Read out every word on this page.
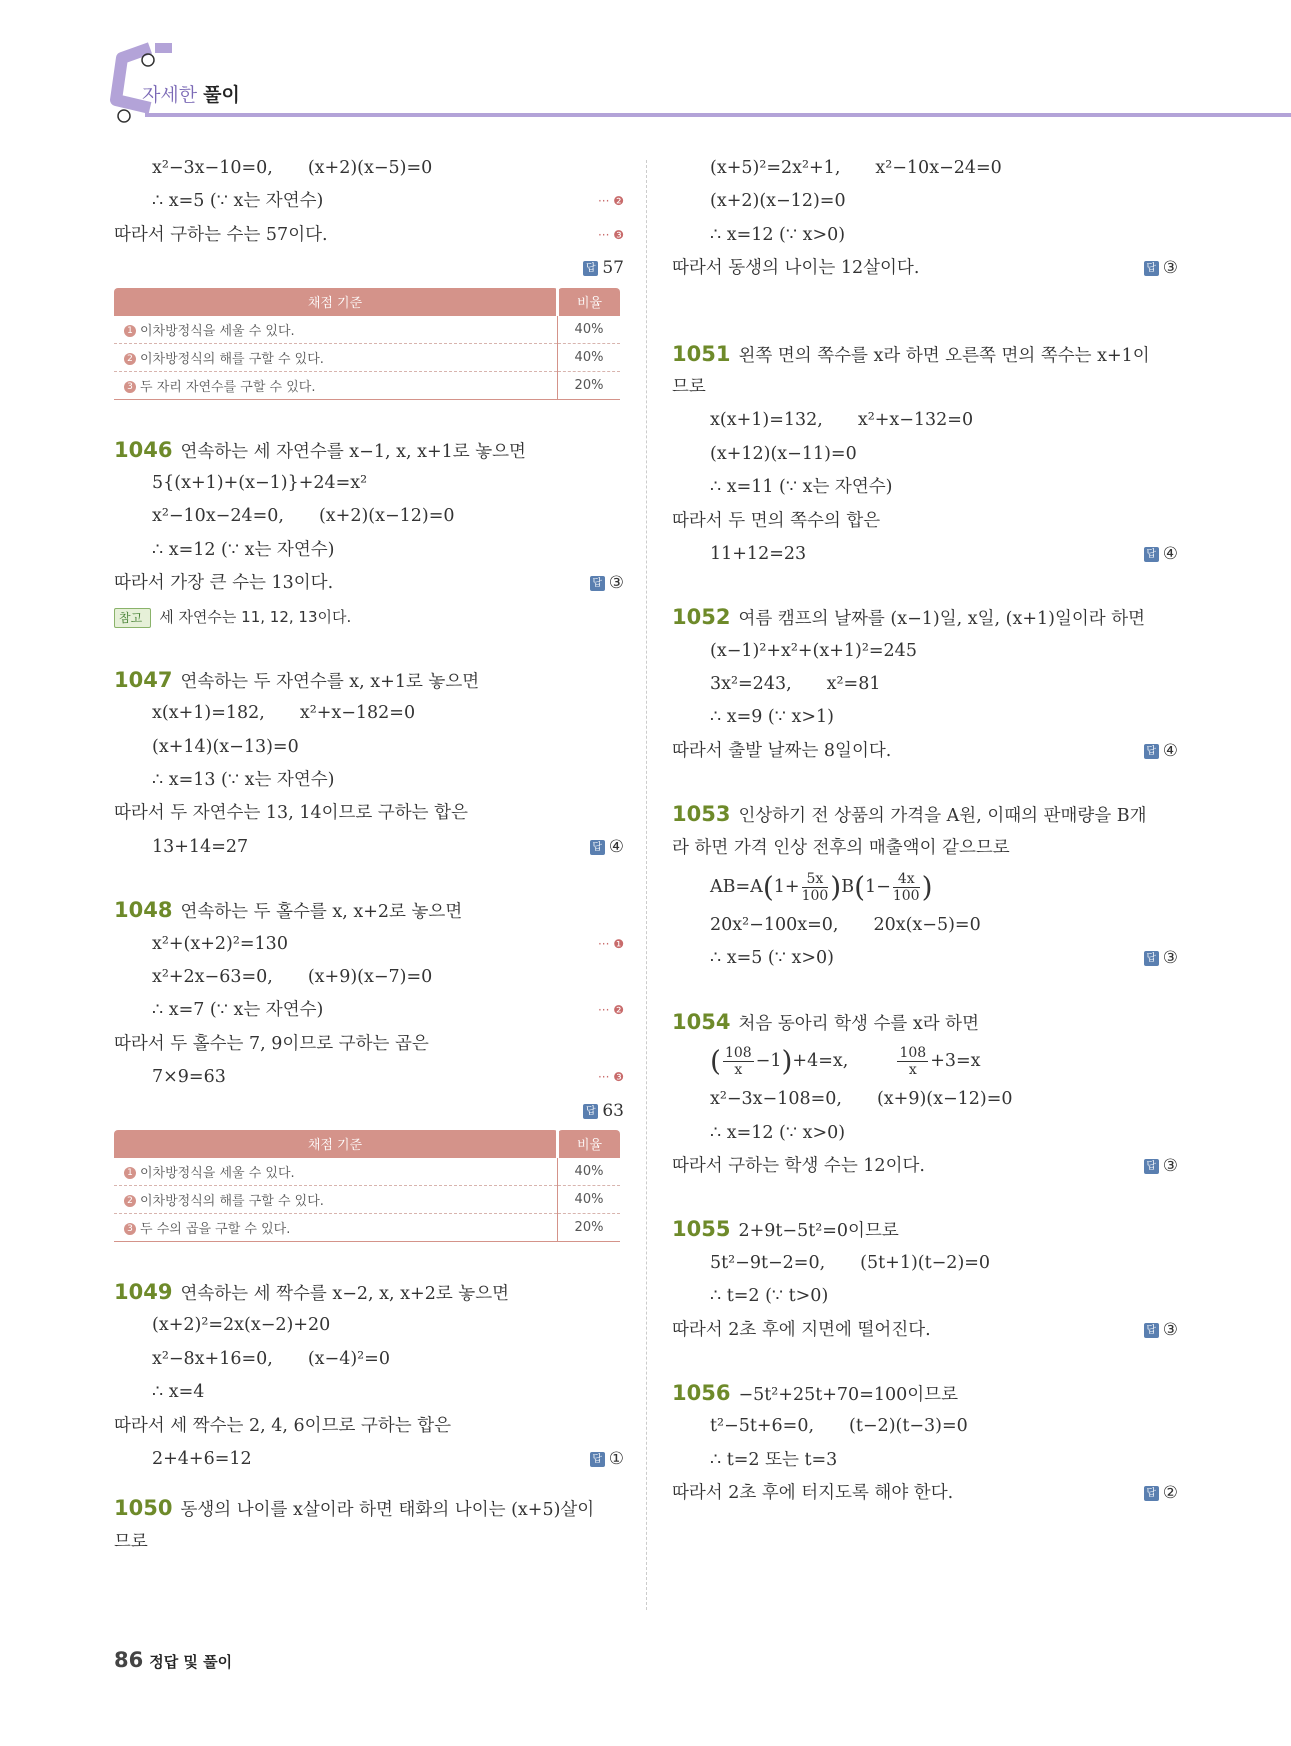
자세한 풀이
x²−3x−10=0,　　(x+2)(x−5)=0
∴ x=5 (∵ x는 자연수)	··· ❷
따라서 구하는 수는 57이다.	··· ❸
답 57
채점 기준	비율
1 이차방정식을 세울 수 있다.	40%
2 이차방정식의 해를 구할 수 있다.	40%
3 두 자리 자연수를 구할 수 있다.	20%
1046 연속하는 세 자연수를 x−1, x, x+1로 놓으면
5{(x+1)+(x−1)}+24=x²
x²−10x−24=0,　　(x+2)(x−12)=0
∴ x=12 (∵ x는 자연수)
따라서 가장 큰 수는 13이다.	답 ③
참고 세 자연수는 11, 12, 13이다.
1047 연속하는 두 자연수를 x, x+1로 놓으면
x(x+1)=182,　　x²+x−182=0
(x+14)(x−13)=0
∴ x=13 (∵ x는 자연수)
따라서 두 자연수는 13, 14이므로 구하는 합은
13+14=27	답 ④
1048 연속하는 두 홀수를 x, x+2로 놓으면
x²+(x+2)²=130	··· ❶
x²+2x−63=0,　　(x+9)(x−7)=0
∴ x=7 (∵ x는 자연수)	··· ❷
따라서 두 홀수는 7, 9이므로 구하는 곱은
7×9=63	··· ❸
답 63
채점 기준	비율
1 이차방정식을 세울 수 있다.	40%
2 이차방정식의 해를 구할 수 있다.	40%
3 두 수의 곱을 구할 수 있다.	20%
1049 연속하는 세 짝수를 x−2, x, x+2로 놓으면
(x+2)²=2x(x−2)+20
x²−8x+16=0,　　(x−4)²=0
∴ x=4
따라서 세 짝수는 2, 4, 6이므로 구하는 합은
2+4+6=12	답 ①
1050 동생의 나이를 x살이라 하면 태화의 나이는 (x+5)살이
므로
(x+5)²=2x²+1,　　x²−10x−24=0
(x+2)(x−12)=0
∴ x=12 (∵ x>0)
따라서 동생의 나이는 12살이다.	답 ③
1051 왼쪽 면의 쪽수를 x라 하면 오른쪽 면의 쪽수는 x+1이
므로
x(x+1)=132,　　x²+x−132=0
(x+12)(x−11)=0
∴ x=11 (∵ x는 자연수)
따라서 두 면의 쪽수의 합은
11+12=23	답 ④
1052 여름 캠프의 날짜를 (x−1)일, x일, (x+1)일이라 하면
(x−1)²+x²+(x+1)²=245
3x²=243,　　x²=81
∴ x=9 (∵ x>1)
따라서 출발 날짜는 8일이다.	답 ④
1053 인상하기 전 상품의 가격을 A원, 이때의 판매량을 B개
라 하면 가격 인상 전후의 매출액이 같으므로
$AB=A(1+ \frac{5x}{100} )B(1- \frac{4x}{100}$ )
20x²−100x=0,　　20x(x−5)=0
∴ x=5 (∵ x>0)	답 ③
1054 처음 동아리 학생 수를 x라 하면
( $\frac{108}{x} -1)+4=x$,	$\frac{108}{x} +3=x$
x²−3x−108=0,　　(x+9)(x−12)=0
∴ x=12 (∵ x>0)
따라서 구하는 학생 수는 12이다.	답 ③
1055 2+9t−5t²=0이므로
5t²−9t−2=0,　　(5t+1)(t−2)=0
∴ t=2 (∵ t>0)
따라서 2초 후에 지면에 떨어진다.	답 ③
1056 −5t²+25t+70=100이므로
t²−5t+6=0,　　(t−2)(t−3)=0
∴ t=2 또는 t=3
따라서 2초 후에 터지도록 해야 한다.	답 ②
86 정답 및 풀이
